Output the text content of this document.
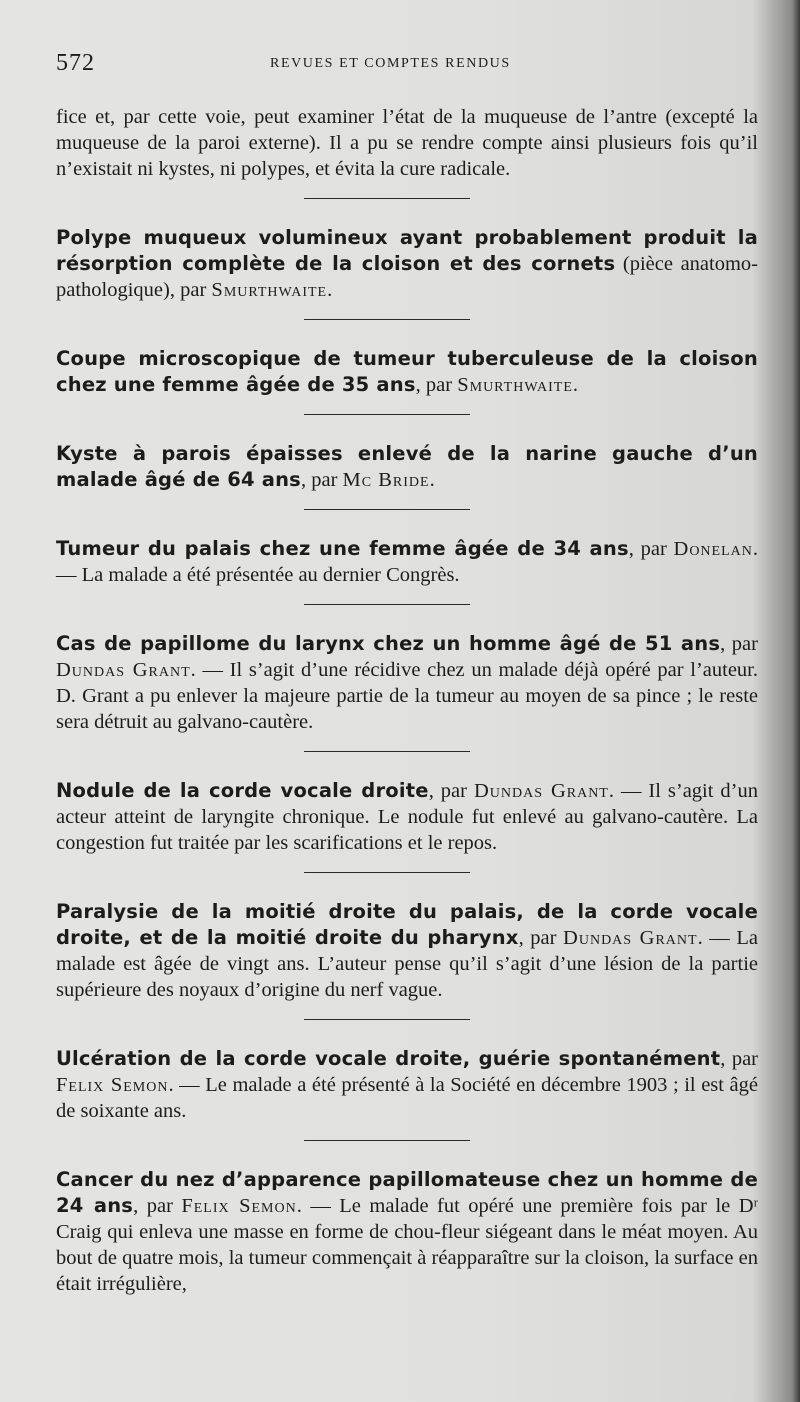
572	REVUES ET COMPTES RENDUS

fice et, par cette voie, peut examiner l’état de la muqueuse de l’antre (excepté la muqueuse de la paroi externe). Il a pu se rendre compte ainsi plusieurs fois qu’il n’existait ni kystes, ni polypes, et évita la cure radicale.

Polype muqueux volumineux ayant probablement produit la résorption complète de la cloison et des cornets (pièce anatomo-pathologique), par Smurthwaite.

Coupe microscopique de tumeur tuberculeuse de la cloison chez une femme âgée de 35 ans, par Smurthwaite.

Kyste à parois épaisses enlevé de la narine gauche d’un malade âgé de 64 ans, par Mc Bride.

Tumeur du palais chez une femme âgée de 34 ans, par Donelan. — La malade a été présentée au dernier Congrès.

Cas de papillome du larynx chez un homme âgé de 51 ans, par Dundas Grant. — Il s’agit d’une récidive chez un malade déjà opéré par l’auteur. D. Grant a pu enlever la majeure partie de la tumeur au moyen de sa pince ; le reste sera détruit au galvano-cautère.

Nodule de la corde vocale droite, par Dundas Grant. — Il s’agit d’un acteur atteint de laryngite chronique. Le nodule fut enlevé au galvano-cautère. La congestion fut traitée par les scarifications et le repos.

Paralysie de la moitié droite du palais, de la corde vocale droite, et de la moitié droite du pharynx, par Dundas Grant. — La malade est âgée de vingt ans. L’auteur pense qu’il s’agit d’une lésion de la partie supérieure des noyaux d’origine du nerf vague.

Ulcération de la corde vocale droite, guérie spontanément, par Felix Semon. — Le malade a été présenté à la Société en décembre 1903 ; il est âgé de soixante ans.

Cancer du nez d’apparence papillomateuse chez un homme de 24 ans, par Felix Semon. — Le malade fut opéré une première fois par le Dʳ Craig qui enleva une masse en forme de chou-fleur siégeant dans le méat moyen. Au bout de quatre mois, la tumeur commençait à réapparaître sur la cloison, la surface en était irrégulière,
